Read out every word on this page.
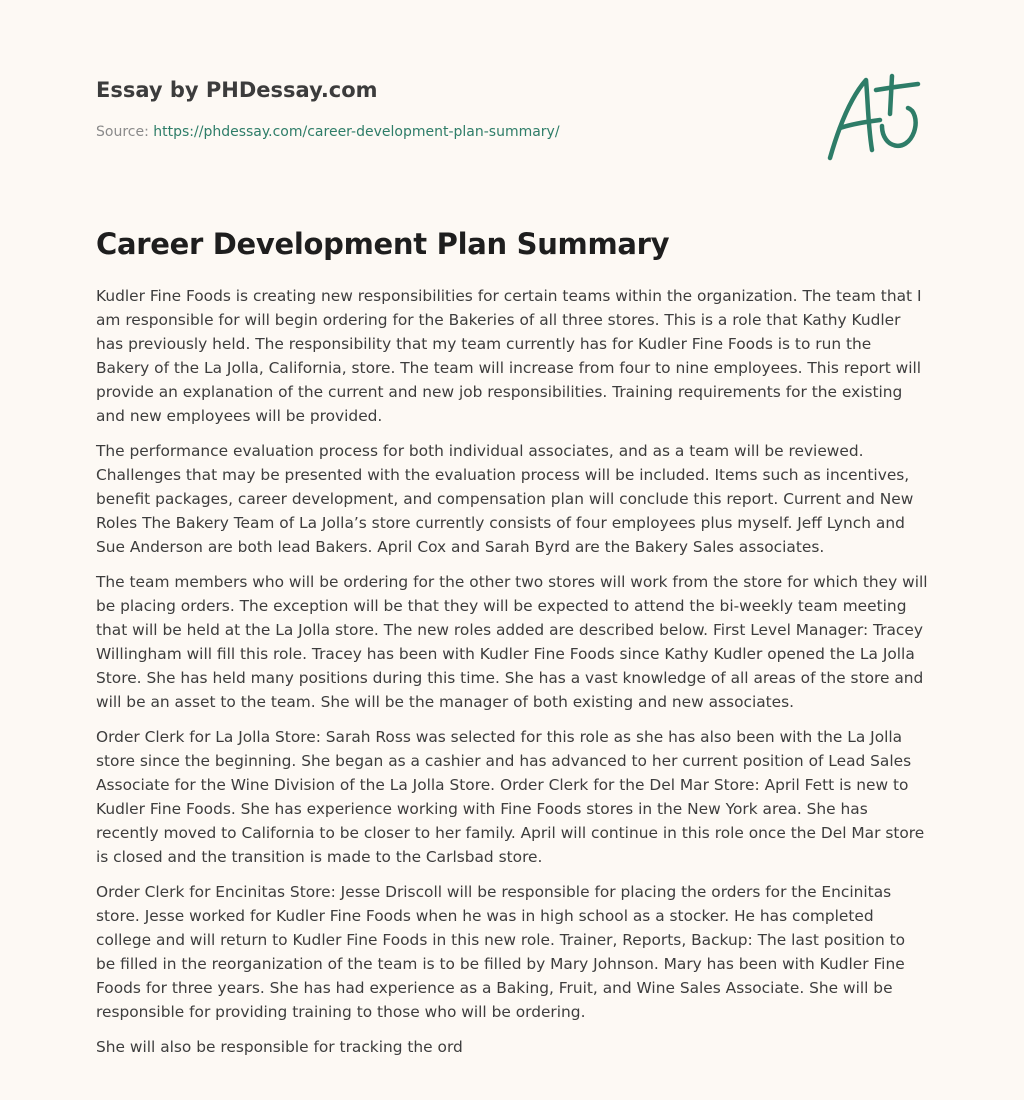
Essay by PHDessay.com
Source: https://phdessay.com/career-development-plan-summary/
Career Development Plan Summary

Kudler Fine Foods is creating new responsibilities for certain teams within the organization. The team that I am responsible for will begin ordering for the Bakeries of all three stores. This is a role that Kathy Kudler has previously held. The responsibility that my team currently has for Kudler Fine Foods is to run the Bakery of the La Jolla, California, store. The team will increase from four to nine employees. This report will provide an explanation of the current and new job responsibilities. Training requirements for the existing and new employees will be provided.

The performance evaluation process for both individual associates, and as a team will be reviewed. Challenges that may be presented with the evaluation process will be included. Items such as incentives, benefit packages, career development, and compensation plan will conclude this report. Current and New Roles The Bakery Team of La Jolla’s store currently consists of four employees plus myself. Jeff Lynch and Sue Anderson are both lead Bakers. April Cox and Sarah Byrd are the Bakery Sales associates.

The team members who will be ordering for the other two stores will work from the store for which they will be placing orders. The exception will be that they will be expected to attend the bi-weekly team meeting that will be held at the La Jolla store. The new roles added are described below. First Level Manager: Tracey Willingham will fill this role. Tracey has been with Kudler Fine Foods since Kathy Kudler opened the La Jolla Store. She has held many positions during this time. She has a vast knowledge of all areas of the store and will be an asset to the team. She will be the manager of both existing and new associates.

Order Clerk for La Jolla Store: Sarah Ross was selected for this role as she has also been with the La Jolla store since the beginning. She began as a cashier and has advanced to her current position of Lead Sales Associate for the Wine Division of the La Jolla Store. Order Clerk for the Del Mar Store: April Fett is new to Kudler Fine Foods. She has experience working with Fine Foods stores in the New York area. She has recently moved to California to be closer to her family. April will continue in this role once the Del Mar store is closed and the transition is made to the Carlsbad store.

Order Clerk for Encinitas Store: Jesse Driscoll will be responsible for placing the orders for the Encinitas store. Jesse worked for Kudler Fine Foods when he was in high school as a stocker. He has completed college and will return to Kudler Fine Foods in this new role. Trainer, Reports, Backup: The last position to be filled in the reorganization of the team is to be filled by Mary Johnson. Mary has been with Kudler Fine Foods for three years. She has had experience as a Baking, Fruit, and Wine Sales Associate. She will be responsible for providing training to those who will be ordering.

She will also be responsible for tracking the ord
